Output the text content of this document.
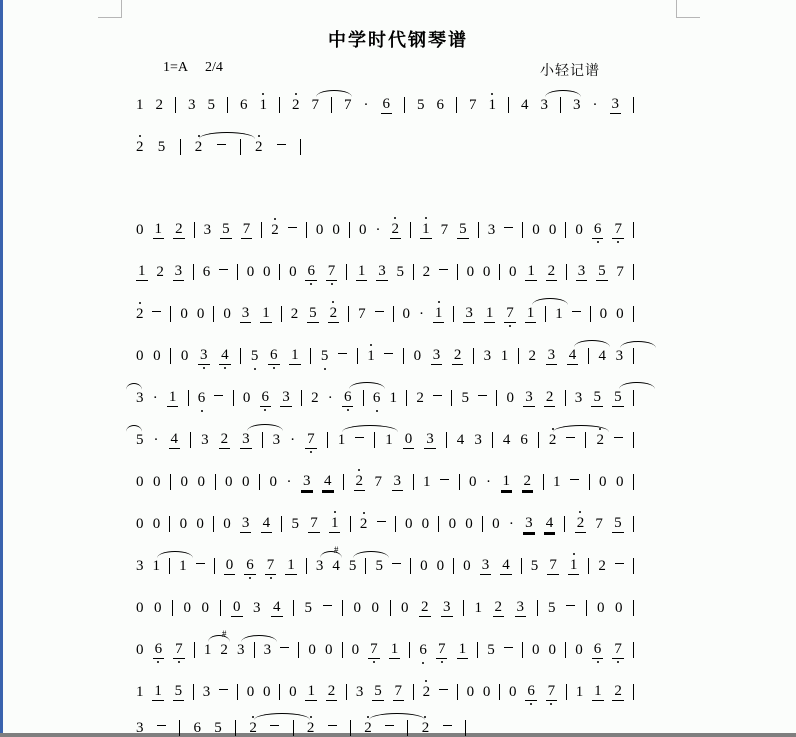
中学时代钢琴谱
1=A 2/4	小轻记谱
1 2 3 5 6 1 2 7 7 · 6 5 6 7 1 4 3 3 · 3
2 5 2	2
0 1 2 3 5 7 2 0 0 0 · 2 1 7 5 3 0 0 0 6 7
1 2 3 6 0 0 0 6 7 1 3 5 2 0 0 0 1 2 3 5 7
2 0 0 0 3 1 2 5 2 7 0 · 1 3 1 7 1 1 0 0
0 0 0 3 4 5 6 1 5	1	0 3 2 3 1 2 3 4 4 3
3 · 1 6	0 6 3 2 · 6 6 1 2	5	0 3 2 3 5 5
5 · 4 3 2 3 3 · 7 1	1 0 3 4 3 4 6 2	2
0 0 0 0 0 0 0 · 3 4 2 7 3 1	0 · 1 2 1	0 0
0 0 0 0 0 3 4 5 7 1 2	0 0 0 0 0 · 3 4 2 7 5
3 1 1	0 6 7 1 3 4
#
5 5 0 0 0 3 4 5 7 1 2
0 0 0 0 0 3 4 5	0 0 0 2 3 1 2 3 5	0 0
0 6 7 1 2
#
3 3 0 0 0 7 1 6 7 1 5 0 0 0 6 7
1 1 5 3 0 0 0 1 2 3 5 7 2 0 0 0 6 7 1 1 2
3	6 5 2	2	2	2
